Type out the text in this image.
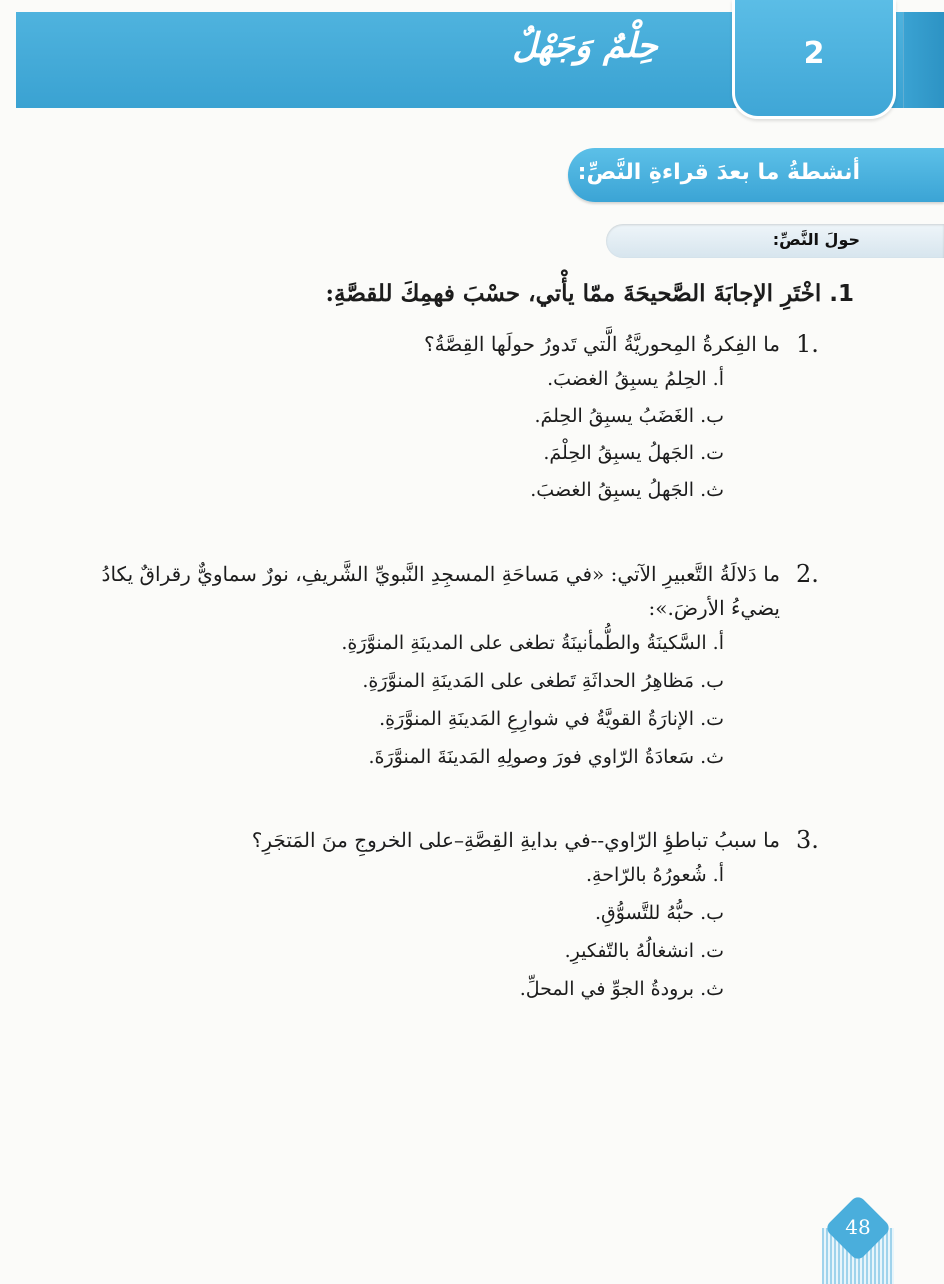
حِلْمٌ وَجَهْلٌ	2
أنشطةُ ما بعدَ قراءةِ النَّصِّ:
حولَ النَّصِّ:
1.اخْتَرِ الإجابَةَ الصَّحيحَةَ ممّا يأْتي، حسْبَ فهمِكَ للقصَّةِ:
1.
ما الفِكرةُ المِحوريَّةُ الَّتي تَدورُ حولَها القِصَّةُ؟
أ. الحِلمُ يسبِقُ الغضبَ.
ب. الغَضَبُ يسبِقُ الحِلمَ.
ت. الجَهلُ يسبِقُ الحِلْمَ.
ث. الجَهلُ يسبِقُ الغضبَ.
2.
ما دَلالَةُ التَّعبيرِ الآتي: «في مَساحَةِ المسجِدِ النَّبويِّ الشَّريفِ، نورٌ سماويٌّ رقراقٌ يكادُ
يضيءُ الأرضَ.»:
أ. السَّكينَةُ والطُّمأنينَةُ تطغى على المدينَةِ المنوَّرَةِ.
ب. مَظاهِرُ الحداثَةِ تَطغى على المَدينَةِ المنوَّرَةِ.
ت. الإنارَةُ القويَّةُ في شوارِعِ المَدينَةِ المنوَّرَةِ.
ث. سَعادَةُ الرّاوي فورَ وصولِهِ المَدينَةَ المنوَّرَةَ.
3.
ما سببُ تباطؤِ الرّاوي--في بدايةِ القِصَّةِ–على الخروجِ منَ المَتجَرِ؟
أ. شُعورُهُ بالرّاحةِ.
ب. حبُّهُ للتَّسوُّقِ.
ت. انشغالُهُ بالتّفكيرِ.
ث. برودةُ الجوِّ في المحلِّ.
48
